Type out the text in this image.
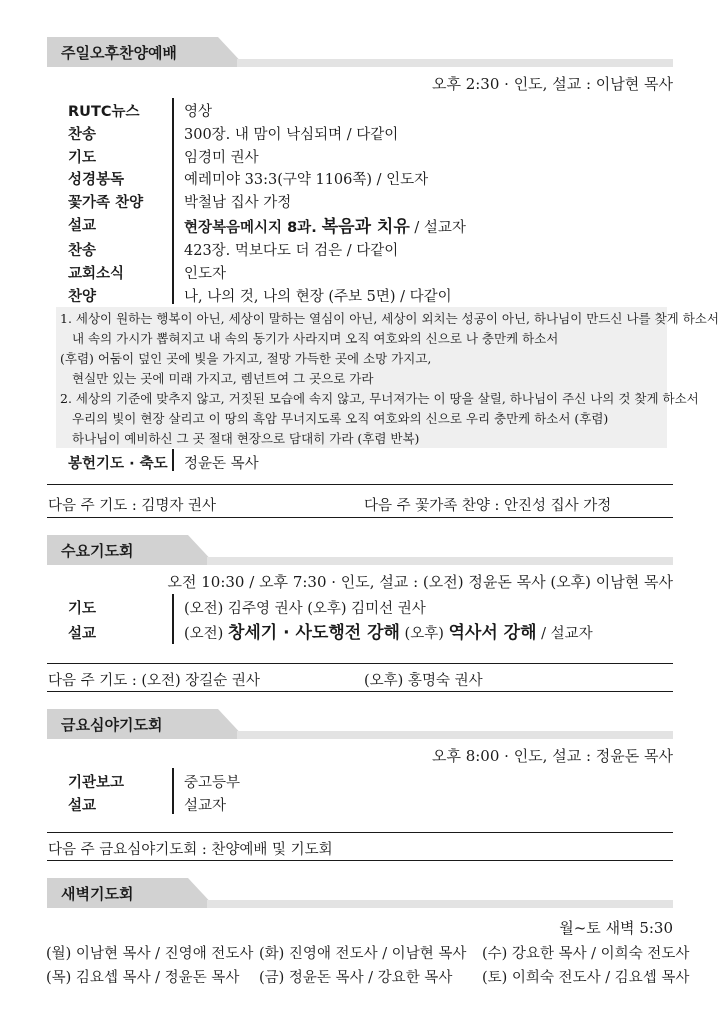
주일오후찬양예배
오후 2:30 · 인도, 설교 : 이남현 목사
RUTC뉴스	영상
찬송	300장. 내 맘이 낙심되며 / 다같이
기도	임경미 권사
성경봉독	예레미야 33:3(구약 1106쪽) / 인도자
꽃가족 찬양	박철남 집사 가정
설교	현장복음메시지 8과. 복음과 치유 / 설교자
찬송	423장. 먹보다도 더 검은 / 다같이
교회소식	인도자
찬양	나, 나의 것, 나의 현장 (주보 5면) / 다같이
1. 세상이 원하는 행복이 아닌, 세상이 말하는 열심이 아닌, 세상이 외치는 성공이 아닌, 하나님이 만드신 나를 찾게 하소서
내 속의 가시가 뽑혀지고 내 속의 동기가 사라지며 오직 여호와의 신으로 나 충만케 하소서
(후렴) 어둠이 덮인 곳에 빛을 가지고, 절망 가득한 곳에 소망 가지고,
현실만 있는 곳에 미래 가지고, 렘넌트여 그 곳으로 가라
2. 세상의 기준에 맞추지 않고, 거짓된 모습에 속지 않고, 무너져가는 이 땅을 살릴, 하나님이 주신 나의 것 찾게 하소서
우리의 빛이 현장 살리고 이 땅의 흑암 무너지도록 오직 여호와의 신으로 우리 충만케 하소서 (후렴)
하나님이 예비하신 그 곳 절대 현장으로 담대히 가라 (후렴 반복)
봉헌기도 · 축도 정윤돈 목사
다음 주 기도 : 김명자 권사	다음 주 꽃가족 찬양 : 안진성 집사 가정
수요기도회
오전 10:30 / 오후 7:30 · 인도, 설교 : (오전) 정윤돈 목사 (오후) 이남현 목사
기도	(오전) 김주영 권사 (오후) 김미선 권사
설교	(오전) 창세기 · 사도행전 강해 (오후) 역사서 강해 / 설교자
다음 주 기도 : (오전) 장길순 권사	(오후) 홍명숙 권사
금요심야기도회
오후 8:00 · 인도, 설교 : 정윤돈 목사
기관보고	중고등부
설교	설교자
다음 주 금요심야기도회 : 찬양예배 및 기도회
새벽기도회
월~토 새벽 5:30
(월) 이남현 목사 / 진영애 전도사 (화) 진영애 전도사 / 이남현 목사 (수) 강요한 목사 / 이희숙 전도사
(목) 김요셉 목사 / 정윤돈 목사 (금) 정윤돈 목사 / 강요한 목사 (토) 이희숙 전도사 / 김요셉 목사
